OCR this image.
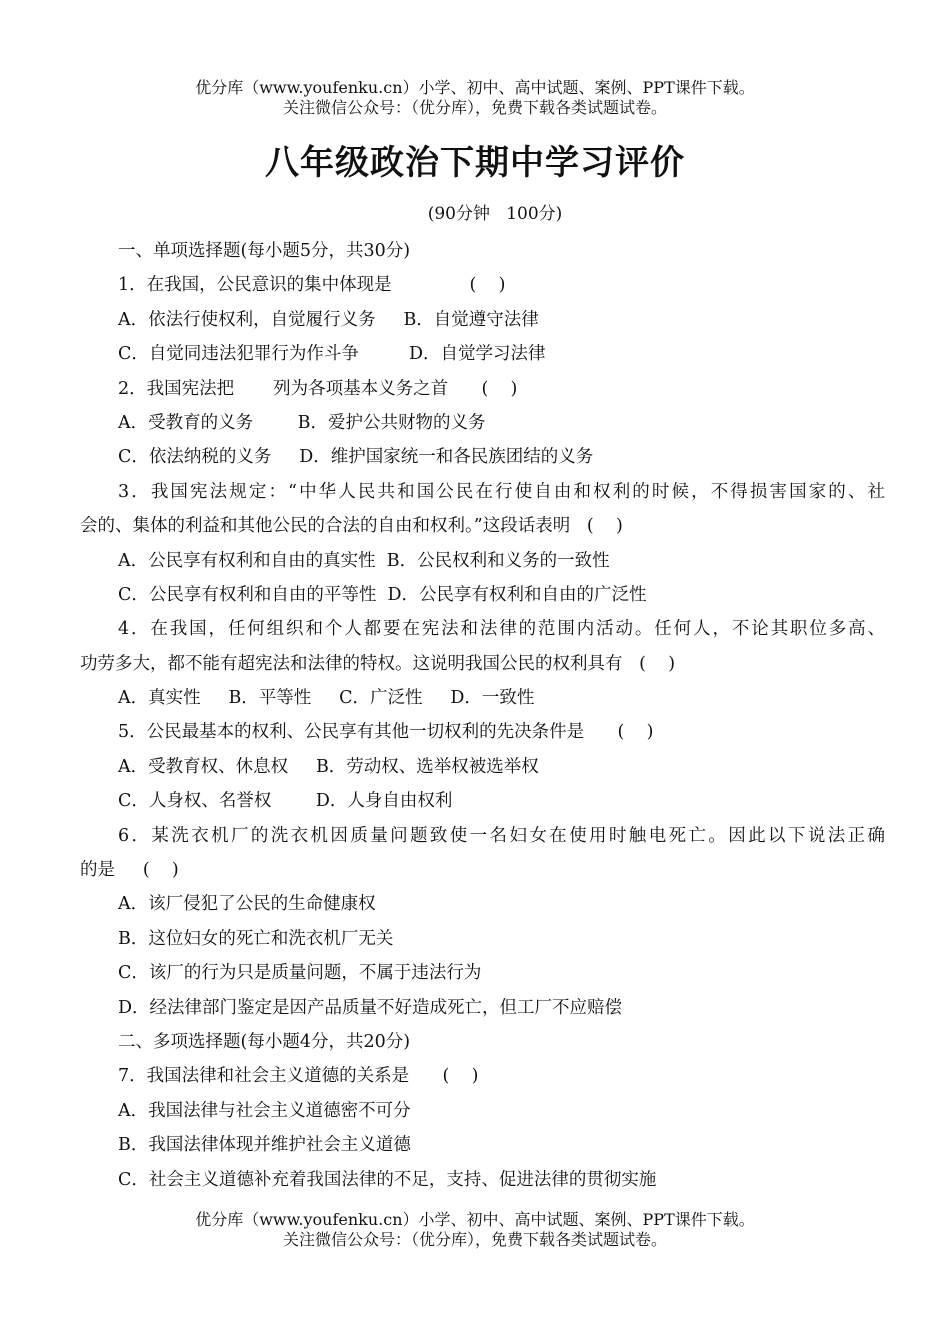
优分库（www.youfenku.cn）小学、初中、高中试题、案例、PPT课件下载。
关注微信公众号：（优分库），免费下载各类试题试卷。
八年级政治下期中学习评价
(90分钟   100分)

一、单项选择题(每小题5分，共30分)

1．在我国，公民意识的集中体现是              (    )

A．依法行使权利，自觉履行义务     B．自觉遵守法律

C．自觉同违法犯罪行为作斗争         D．自觉学习法律

2．我国宪法把       列为各项基本义务之首      (    )

A．受教育的义务        B．爱护公共财物的义务

C．依法纳税的义务     D．维护国家统一和各民族团结的义务

3．我国宪法规定：“中华人民共和国公民在行使自由和权利的时候，不得损害国家的、社

会的、集体的利益和其他公民的合法的自由和权利。”这段话表明   (    )

A．公民享有权利和自由的真实性  B．公民权利和义务的一致性

C．公民享有权利和自由的平等性  D．公民享有权利和自由的广泛性

4．在我国，任何组织和个人都要在宪法和法律的范围内活动。任何人，不论其职位多高、

功劳多大，都不能有超宪法和法律的特权。这说明我国公民的权利具有   (    )

A．真实性     B．平等性     C．广泛性     D．一致性

5．公民最基本的权利、公民享有其他一切权利的先决条件是      (    )

A．受教育权、休息权     B．劳动权、选举权被选举权

C．人身权、名誉权        D．人身自由权利

6．某洗衣机厂的洗衣机因质量问题致使一名妇女在使用时触电死亡。因此以下说法正确

的是     (    )

A．该厂侵犯了公民的生命健康权

B．这位妇女的死亡和洗衣机厂无关

C．该厂的行为只是质量问题，不属于违法行为

D．经法律部门鉴定是因产品质量不好造成死亡，但工厂不应赔偿

二、多项选择题(每小题4分，共20分)

7．我国法律和社会主义道德的关系是      (    )

A．我国法律与社会主义道德密不可分

B．我国法律体现并维护社会主义道德

C．社会主义道德补充着我国法律的不足，支持、促进法律的贯彻实施

优分库（www.youfenku.cn）小学、初中、高中试题、案例、PPT课件下载。
关注微信公众号：（优分库），免费下载各类试题试卷。
